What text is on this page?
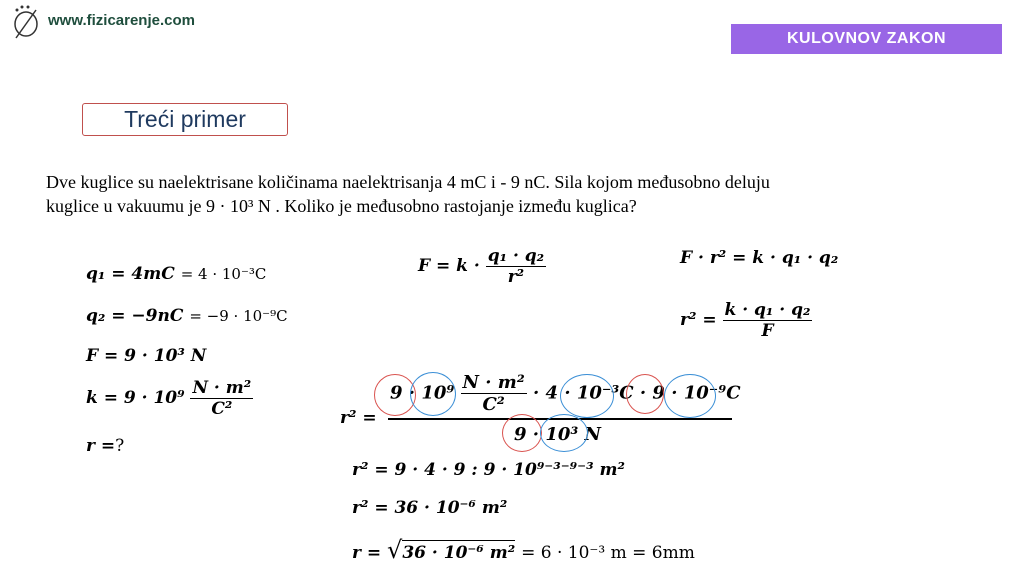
www.fizicarenje.com
KULOVNOV ZAKON
Treći primer
Dve kuglice su naelektrisane količinama naelektrisanja 4 mC i - 9 nC. Sila kojom međusobno deluju
kuglice u vakuumu je 9 · 10³ N . Koliko je međusobno rastojanje između kuglica?
q₁ = 4mC = 4 · 10⁻³C
q₂ = −9nC = −9 · 10⁻⁹C
F = 9 · 10³ N
$k = 9 \cdot 10^9 \frac{\text{N · m²}}{\text{C²}}$
r =?
$F = k \cdot \frac{\text{q₁ · q₂}}{\text{r²}}$	F · r² = k · q₁ · q₂
$r^2 = \frac{\text{k · q₁ · q₂}}{F}$
r² =
$9 \cdot 10^9 \frac{\text{N · m²}}{\text{C²}} \cdot 4 \cdot 10^{-3}C \cdot 9 \cdot 10^{-9}C$
9 · 10³ N
r² = 9 · 4 · 9 : 9 · 10⁹⁻³⁻⁹⁻³ m²
r² = 36 · 10⁻⁶ m²
r = √36 · 10⁻⁶ m² = 6 · 10⁻³ m = 6mm
